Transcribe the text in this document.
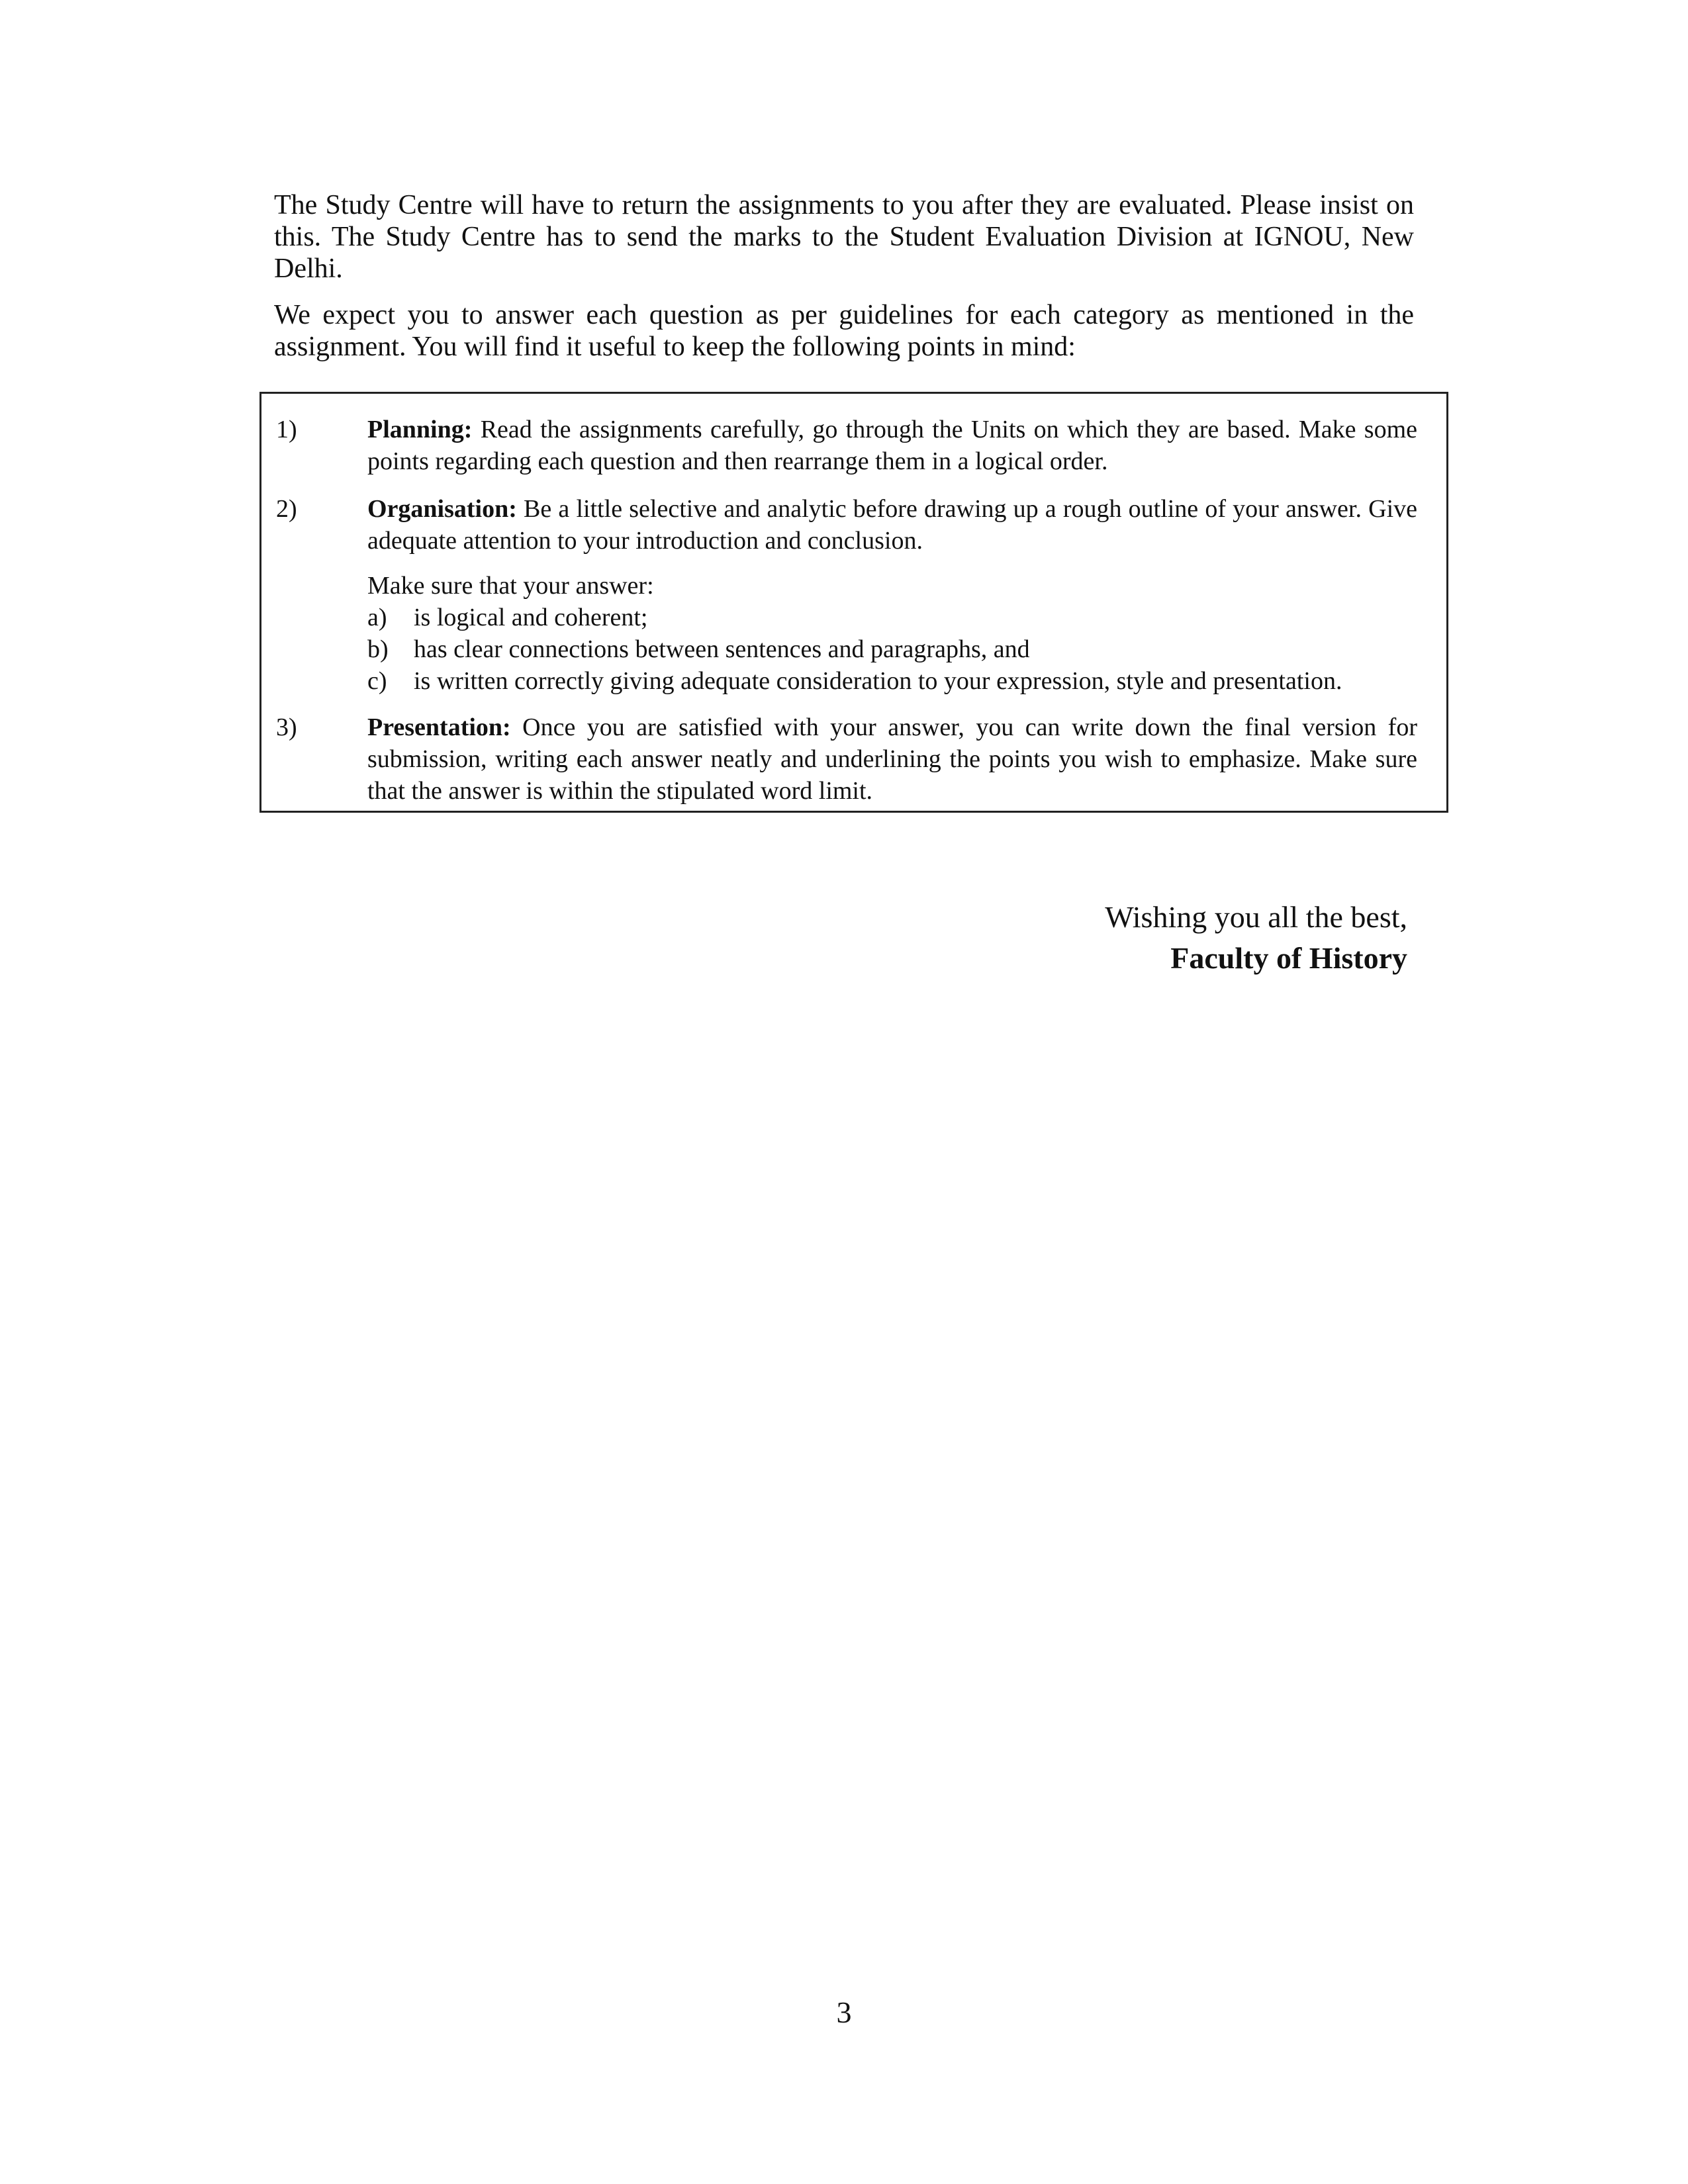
The Study Centre will have to return the assignments to you after they are evaluated. Please insist on this. The Study Centre has to send the marks to the Student Evaluation Division at IGNOU, New Delhi.

We expect you to answer each question as per guidelines for each category as mentioned in the assignment. You will find it useful to keep the following points in mind:

1)	Planning: Read the assignments carefully, go through the Units on which they are based. Make some points regarding each question and then rearrange them in a logical order.
2)	Organisation: Be a little selective and analytic before drawing up a rough outline of your answer. Give adequate attention to your introduction and conclusion.
Make sure that your answer:
a) is logical and coherent;
b) has clear connections between sentences and paragraphs, and
c) is written correctly giving adequate consideration to your expression, style and presentation.
3)	Presentation: Once you are satisfied with your answer, you can write down the final version for submission, writing each answer neatly and underlining the points you wish to emphasize. Make sure that the answer is within the stipulated word limit.
Wishing you all the best,
Faculty of History
3
